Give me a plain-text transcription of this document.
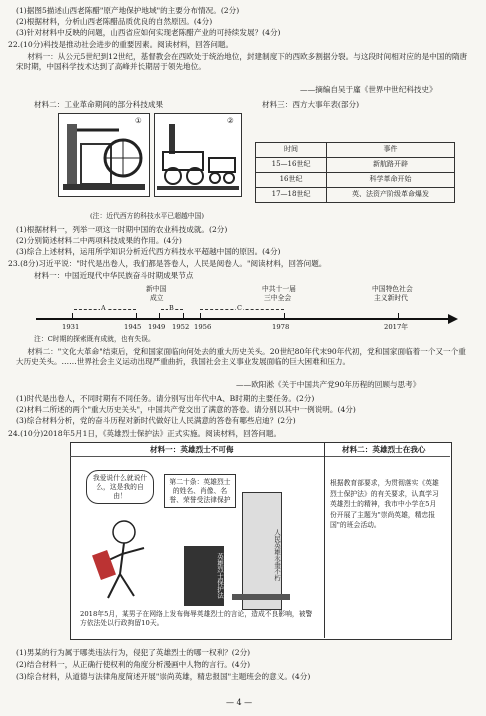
(1)据图5描述山西老陈醋"原产地保护地域"的主要分布情况。(2分)
(2)根据材料，分析山西老陈醋品质优良的自然原因。(4分)
(3)针对材料中反映的问题，山西省应如何实现老陈醋产业的可持续发展？(4分)
22.(10分)科技是推动社会进步的重要因素。阅读材料，回答问题。
材料一：从公元5世纪到12世纪，基督教会在西欧处于统治地位，封建制度下的西欧多割据分裂。与这段时间相对应的是中国的隋唐宋时期，中国科学技术达到了高峰并长期居于领先地位。
——摘编自吴于廑《世界中世纪科技史》
材料二：工业革命期间的部分科技成果	材料三：西方大事年表(部分)
①	②
(注：近代西方的科技水平已超越中国)
时间	事件
15—16世纪	新航路开辟
16世纪	科学革命开始
17—18世纪	英、法资产阶级革命爆发
(1)根据材料一，列举一项这一时期中国的农业科技成就。(2分)
(2)分别简述材料二中两项科技成果的作用。(4分)
(3)综合上述材料，运用所学知识分析近代西方科技水平超越中国的原因。(4分)
23.(8分)习近平说："时代是出卷人，我们都是答卷人，人民是阅卷人。"阅读材料，回答问题。
材料一：中国近现代中华民族奋斗时期成果节点
新中国
成立
中共十一届
三中全会
中国特色社会
主义新时代
A	B	C
1931	1945 1949 1952 1956	1978	2017年
注：C时期的探索既有成就，也有失误。
材料二："文化大革命"结束后，党和国家面临向何处去的重大历史关头。20世纪80年代末90年代初，党和国家面临着一个又一个重大历史关头。……世界社会主义运动出现严重曲折，我国社会主义事业发展面临的巨大困难和压力。
——欧阳淞《关于中国共产党90年历程的回顾与思考》
(1)时代是出卷人，不同时期有不同任务。请分别写出年代中A、B时期的主要任务。(2分)
(2)材料二所述的两个"重大历史关头"，中国共产党交出了满意的答卷。请分别以其中一例说明。(4分)
(3)综合材料分析，党的奋斗历程对新时代做好让人民满意的答卷有哪些启迪？(2分)
24.(10分)2018年5月1日，《英雄烈士保护法》正式实施。阅读材料，回答问题。
材料一：英雄烈士不可侮	材料二：英雄烈士在我心
我爱说什么就说什么，这是我的自由！
第二十条：英雄烈士的姓名、肖像、名誉、荣誉受法律保护
英雄烈士保护法	人民英雄永垂不朽
2018年5月，某男子在网络上发布侮辱英雄烈士的言论，造成不良影响，被警方依法处以行政拘留10天。
根据教育部要求，为贯彻落实《英雄烈士保护法》的有关要求，认真学习英雄烈士的精神，我市中小学在5月份开展了主题为"崇尚英雄，精忠报国"的班会活动。
(1)男某的行为属于哪类违法行为，侵犯了英雄烈士的哪一权利？(2分)
(2)结合材料一，从正确行使权利的角度分析漫画中人物的言行。(4分)
(3)综合材料，从道德与法律角度简述开展"崇尚英雄，精忠报国"主题班会的意义。(4分)
— 4 —
